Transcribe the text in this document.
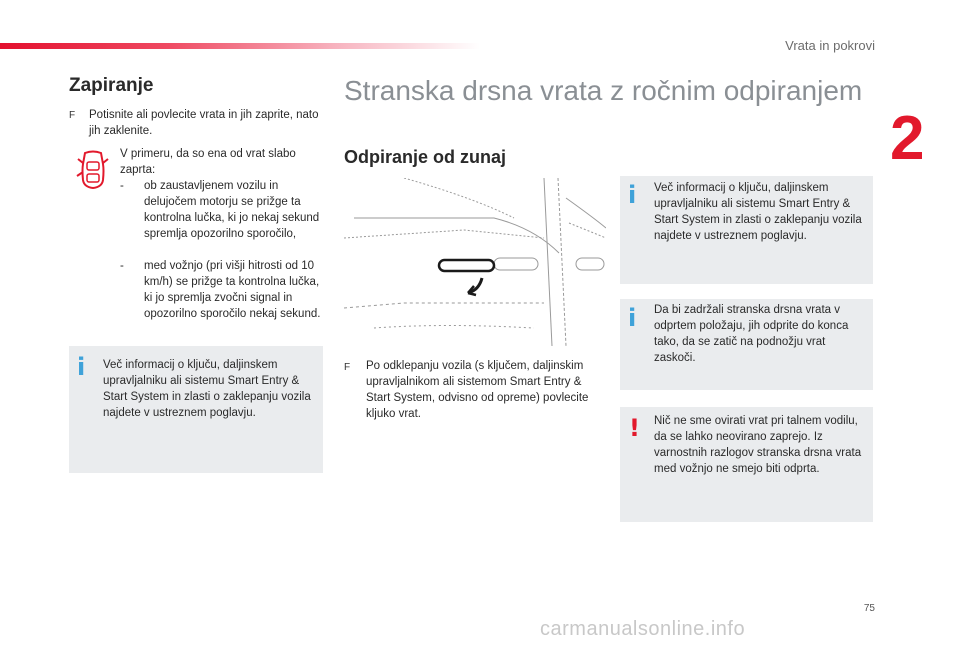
Vrata in pokrovi
2
Zapiranje
F Potisnite ali povlecite vrata in jih zaprite, nato jih zaklenite.
V primeru, da so ena od vrat slabo zaprta:
-	ob zaustavljenem vozilu in delujočem motorju se prižge ta kontrolna lučka, ki jo nekaj sekund spremlja opozorilno sporočilo,
-	med vožnjo (pri višji hitrosti od 10 km/h) se prižge ta kontrolna lučka, ki jo spremlja zvočni signal in opozorilno sporočilo nekaj sekund.
i Več informacij o ključu, daljinskem upravljalniku ali sistemu Smart Entry & Start System in zlasti o zaklepanju vozila najdete v ustreznem poglavju.
Stranska drsna vrata z ročnim odpiranjem
Odpiranje od zunaj
F Po odklepanju vozila (s ključem, daljinskim upravljalnikom ali sistemom Smart Entry & Start System, odvisno od opreme) povlecite kljuko vrat.
i Več informacij o ključu, daljinskem upravljalniku ali sistemu Smart Entry & Start System in zlasti o zaklepanju vozila najdete v ustreznem poglavju.
i Da bi zadržali stranska drsna vrata v odprtem položaju, jih odprite do konca tako, da se zatič na podnožju vrat zaskoči.
! Nič ne sme ovirati vrat pri talnem vodilu, da se lahko neovirano zaprejo. Iz varnostnih razlogov stranska drsna vrata med vožnjo ne smejo biti odprta.
75
carmanualsonline.info
